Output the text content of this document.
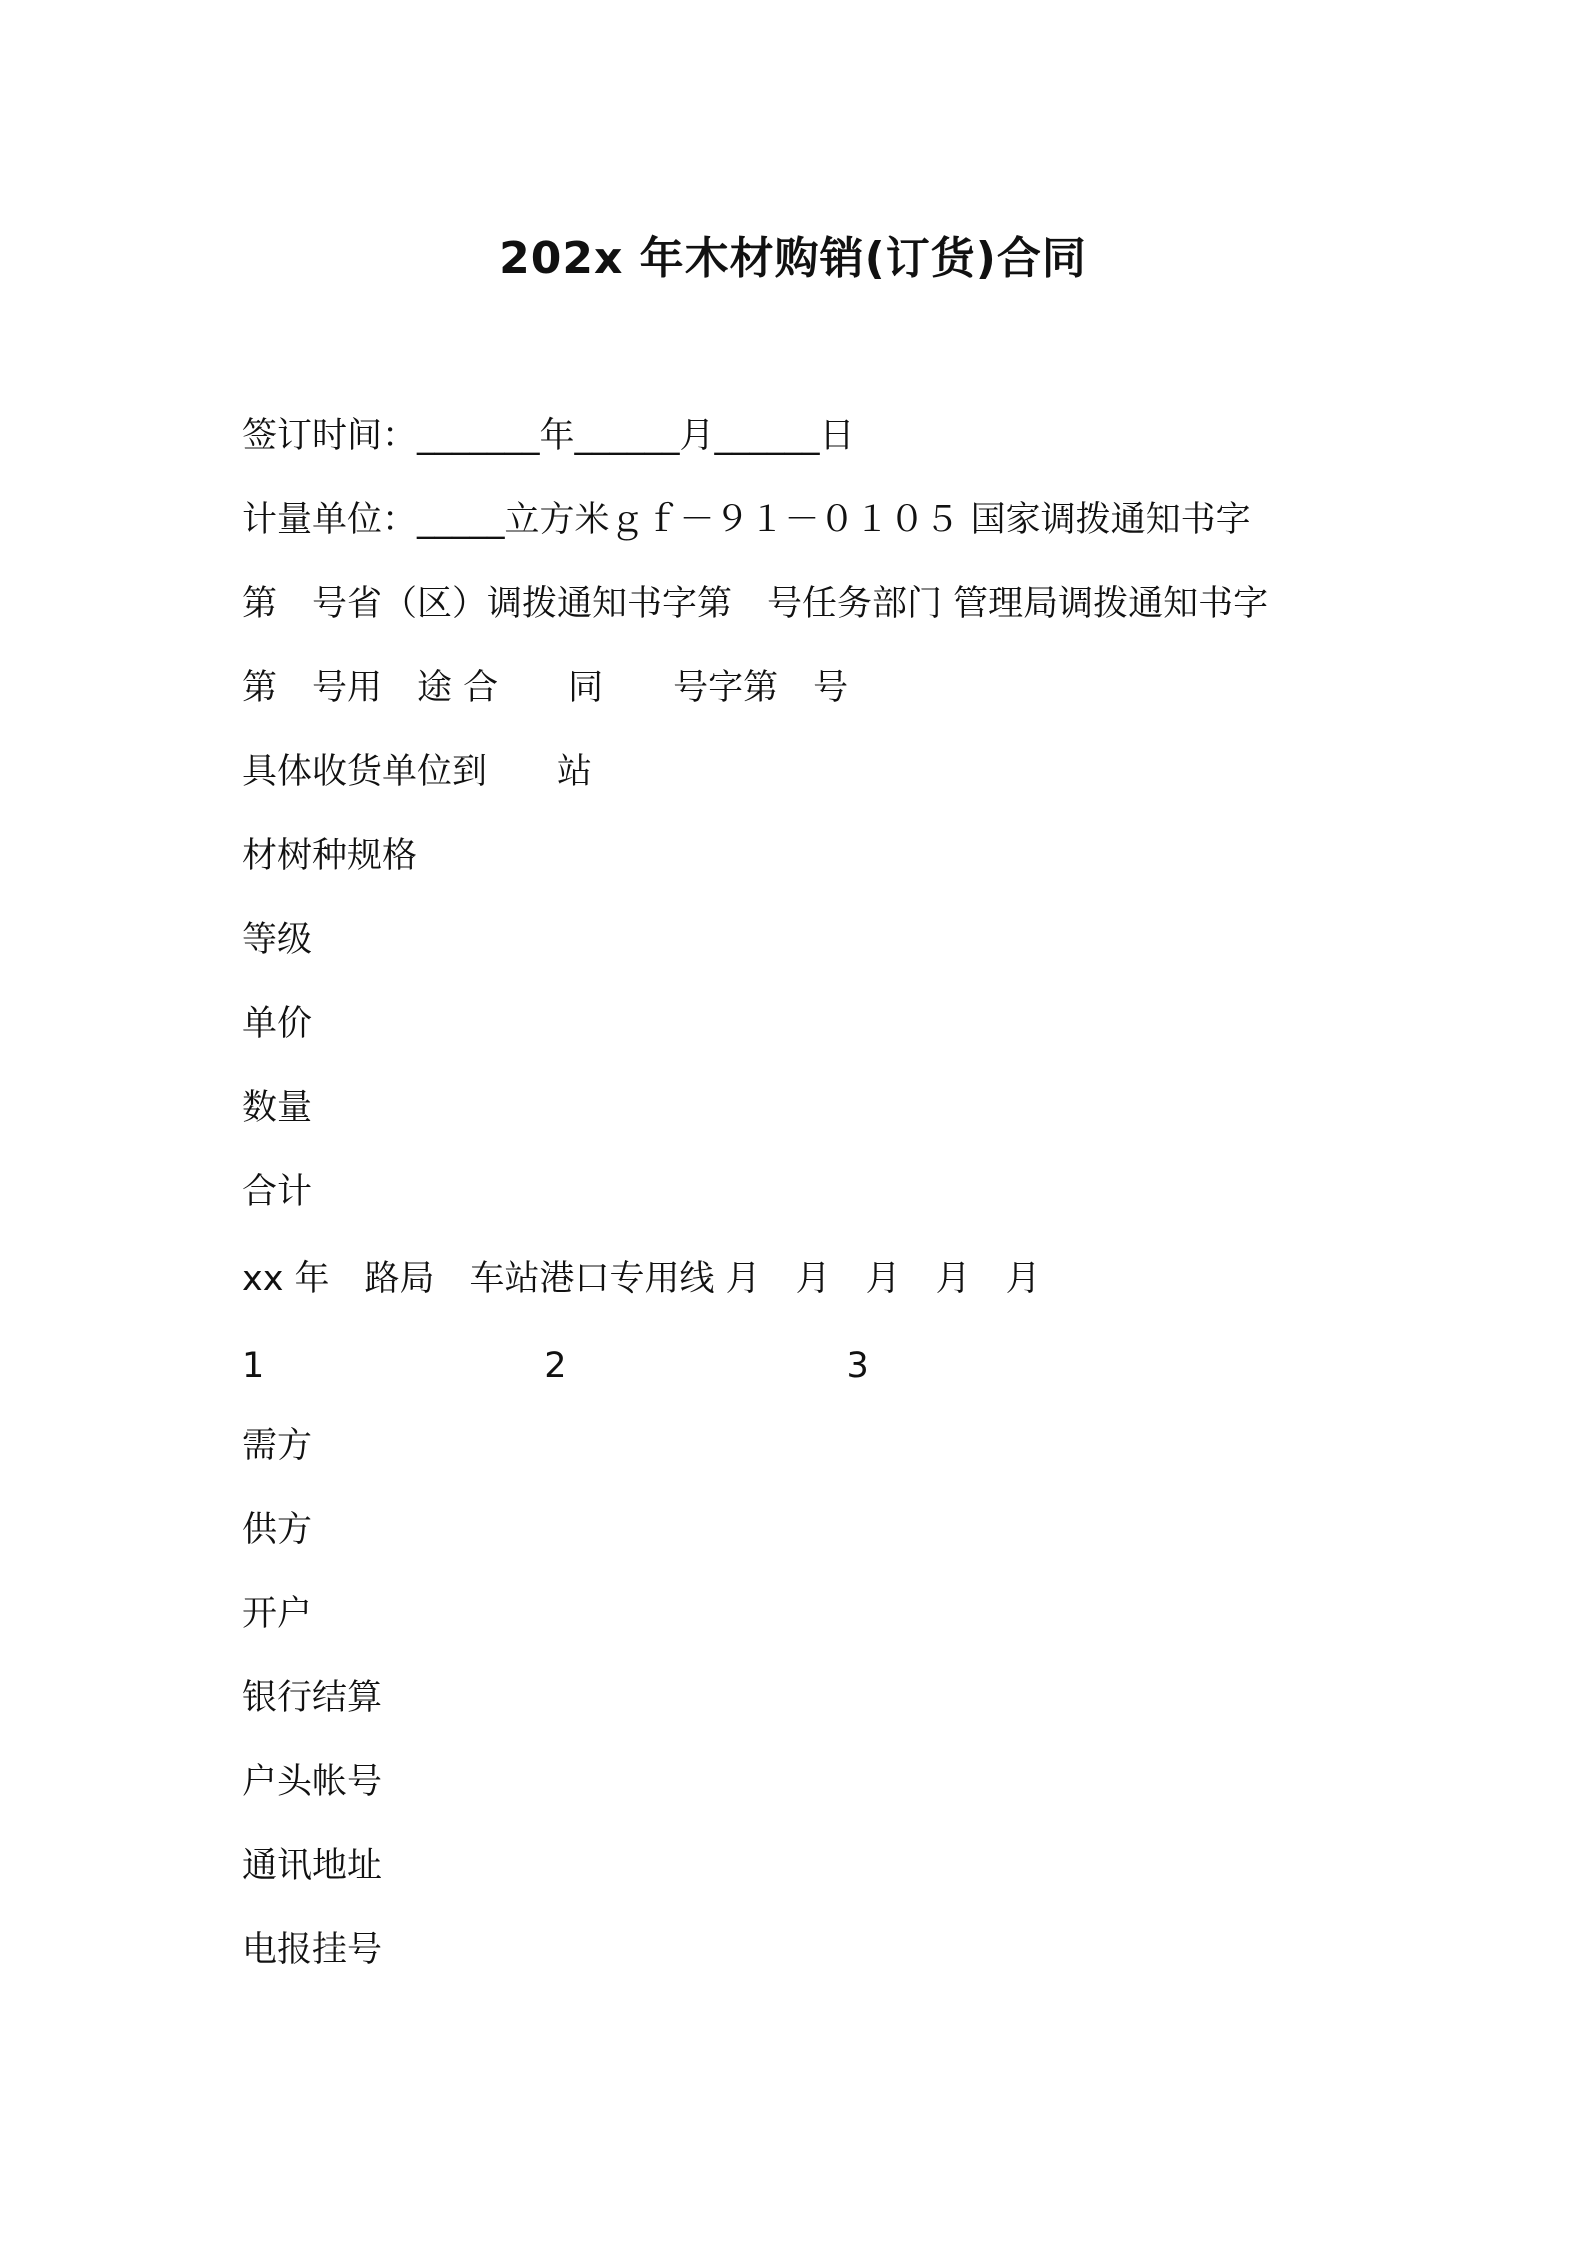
202x 年木材购销(订货)合同
签订时间：_______年______月______日
计量单位：_____立方米ｇｆ－９１－０１０５ 国家调拨通知书字
第　号省（区）调拨通知书字第　号任务部门 管理局调拨通知书字
第　号用　途 合　　同　　号字第　号
具体收货单位到　　站
材树种规格
等级
单价
数量
合计
xx 年　路局　车站港口专用线 月　月　月　月　月
1　　　　　　　　2　　　　　　　　3
需方
供方
开户
银行结算
户头帐号
通讯地址
电报挂号
